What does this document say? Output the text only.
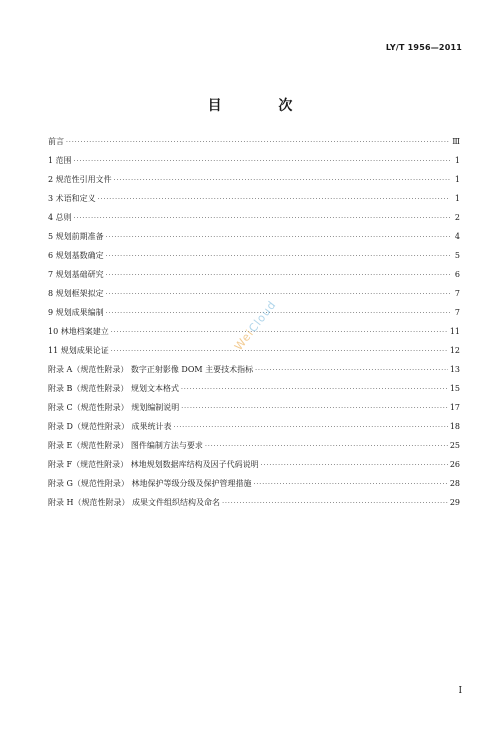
LY/T 1956—2011
目 次
前言 ·····	Ⅲ
1 范围 ·····	1
2 规范性引用文件 ·····	1
3 术语和定义 ·····	1
4 总则 ·····	2
5 规划前期准备 ·····	4
6 规划基数确定 ·····	5
7 规划基础研究 ·····	6
8 规划框架拟定 ·····	7
9 规划成果编制 ·····	7
10 林地档案建立 ·····	11
11 规划成果论证 ·····	12
附录 A（规范性附录） 数字正射影像 DOM 主要技术指标 ·····	13
附录 B（规范性附录） 规划文本格式 ·····	15
附录 C（规范性附录） 规划编制说明 ·····	17
附录 D（规范性附录） 成果统计表 ·····	18
附录 E（规范性附录） 图件编制方法与要求 ·····	25
附录 F（规范性附录） 林地规划数据库结构及因子代码说明 ·····	26
附录 G（规范性附录） 林地保护等级分级及保护管理措施 ·····	28
附录 H（规范性附录） 成果文件组织结构及命名 ·····	29
WeiCloud
I
